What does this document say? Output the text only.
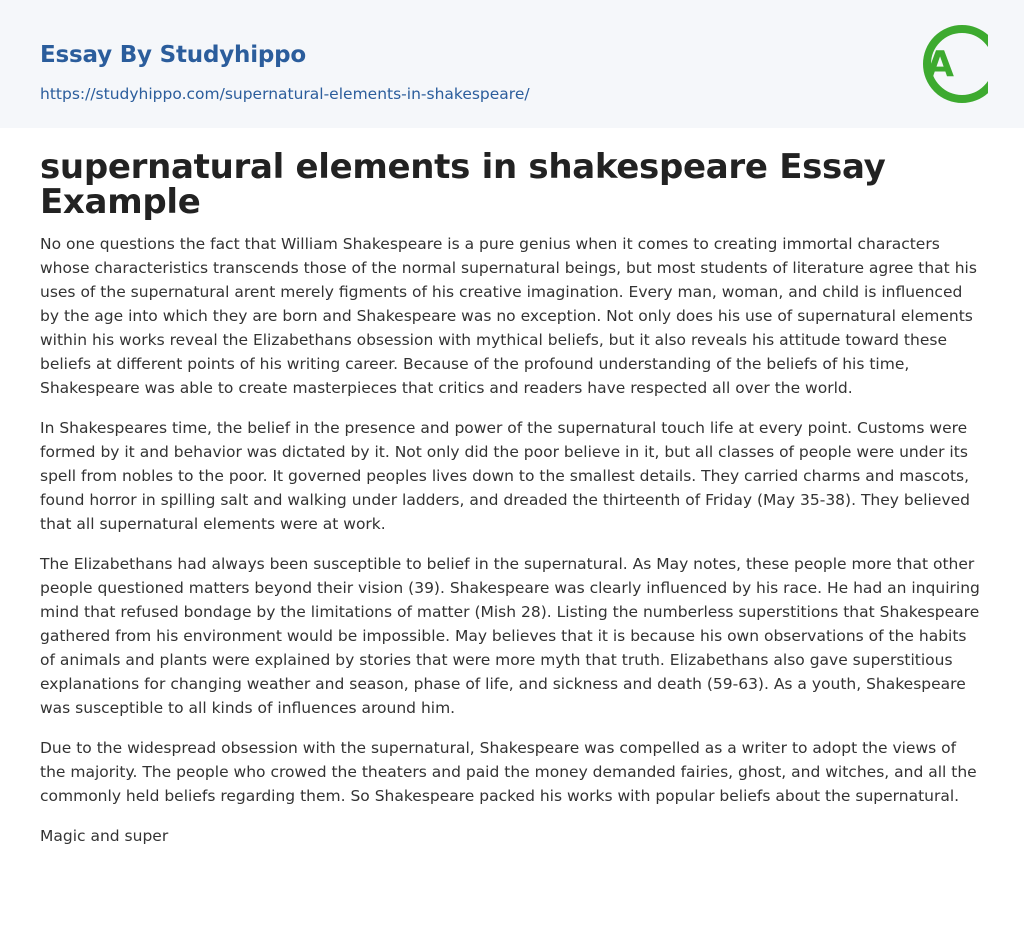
Essay By Studyhippo
https://studyhippo.com/supernatural-elements-in-shakespeare/
A
supernatural elements in shakespeare Essay Example

No one questions the fact that William Shakespeare is a pure genius when it comes to creating immortal characters whose characteristics transcends those of the normal supernatural beings, but most students of literature agree that his uses of the supernatural arent merely figments of his creative imagination. Every man, woman, and child is influenced by the age into which they are born and Shakespeare was no exception. Not only does his use of supernatural elements within his works reveal the Elizabethans obsession with mythical beliefs, but it also reveals his attitude toward these beliefs at different points of his writing career. Because of the profound understanding of the beliefs of his time, Shakespeare was able to create masterpieces that critics and readers have respected all over the world.

In Shakespeares time, the belief in the presence and power of the supernatural touch life at every point. Customs were formed by it and behavior was dictated by it. Not only did the poor believe in it, but all classes of people were under its spell from nobles to the poor. It governed peoples lives down to the smallest details. They carried charms and mascots, found horror in spilling salt and walking under ladders, and dreaded the thirteenth of Friday (May 35-38). They believed that all supernatural elements were at work.

The Elizabethans had always been susceptible to belief in the supernatural. As May notes, these people more that other people questioned matters beyond their vision (39). Shakespeare was clearly influenced by his race. He had an inquiring mind that refused bondage by the limitations of matter (Mish 28). Listing the numberless superstitions that Shakespeare gathered from his environment would be impossible. May believes that it is because his own observations of the habits of animals and plants were explained by stories that were more myth that truth. Elizabethans also gave superstitious explanations for changing weather and season, phase of life, and sickness and death (59-63). As a youth, Shakespeare was susceptible to all kinds of influences around him.

Due to the widespread obsession with the supernatural, Shakespeare was compelled as a writer to adopt the views of the majority. The people who crowed the theaters and paid the money demanded fairies, ghost, and witches, and all the commonly held beliefs regarding them. So Shakespeare packed his works with popular beliefs about the supernatural.

Magic and super
